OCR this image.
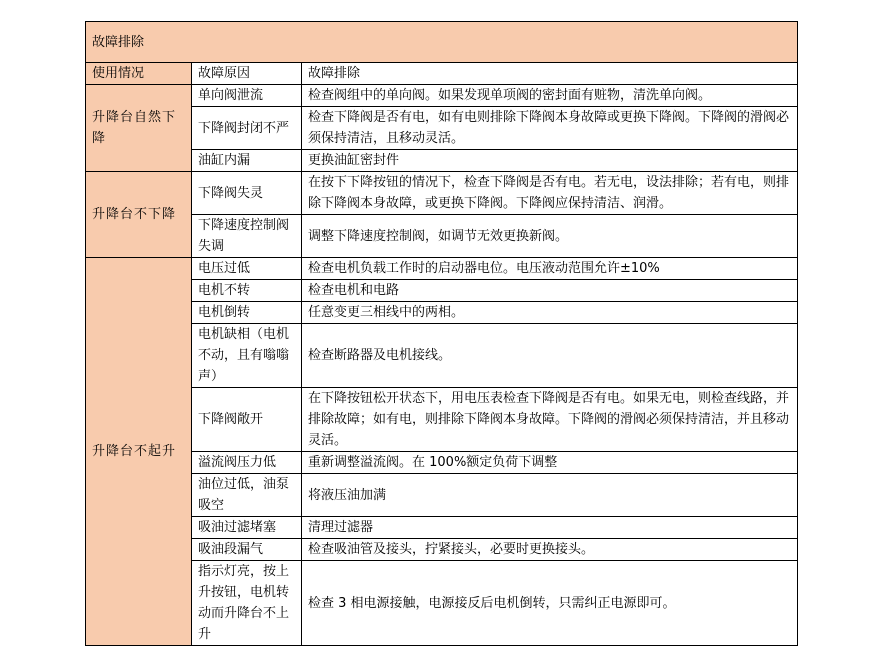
故障排除		
使用情况	故障原因	故障排除
升降台自然下降	单向阀泄流	检查阀组中的单向阀。如果发现单项阀的密封面有赃物，清洗单向阀。
	下降阀封闭不严	检查下降阀是否有电，如有电则排除下降阀本身故障或更换下降阀。下降阀的滑阀必须保持清洁，且移动灵活。
	油缸内漏	更换油缸密封件
升降台不下降	下降阀失灵	在按下下降按钮的情况下，检查下降阀是否有电。若无电，设法排除；若有电，则排除下降阀本身故障，或更换下降阀。下降阀应保持清洁、润滑。
	下降速度控制阀失调	调整下降速度控制阀，如调节无效更换新阀。
升降台不起升	电压过低	检查电机负载工作时的启动器电位。电压液动范围允许±10%
	电机不转	检查电机和电路
	电机倒转	任意变更三相线中的两相。
	电机缺相（电机不动，且有嗡嗡声）	检查断路器及电机接线。
	下降阀敞开	在下降按钮松开状态下，用电压表检查下降阀是否有电。如果无电，则检查线路，并排除故障；如有电，则排除下降阀本身故障。下降阀的滑阀必须保持清洁，并且移动灵活。
	溢流阀压力低	重新调整溢流阀。在 100%额定负荷下调整
	油位过低，油泵吸空	将液压油加满
	吸油过滤堵塞	清理过滤器
	吸油段漏气	检查吸油管及接头，拧紧接头，必要时更换接头。
	指示灯亮，按上升按钮，电机转动而升降台不上升	检查 3 相电源接触，电源接反后电机倒转，只需纠正电源即可。
